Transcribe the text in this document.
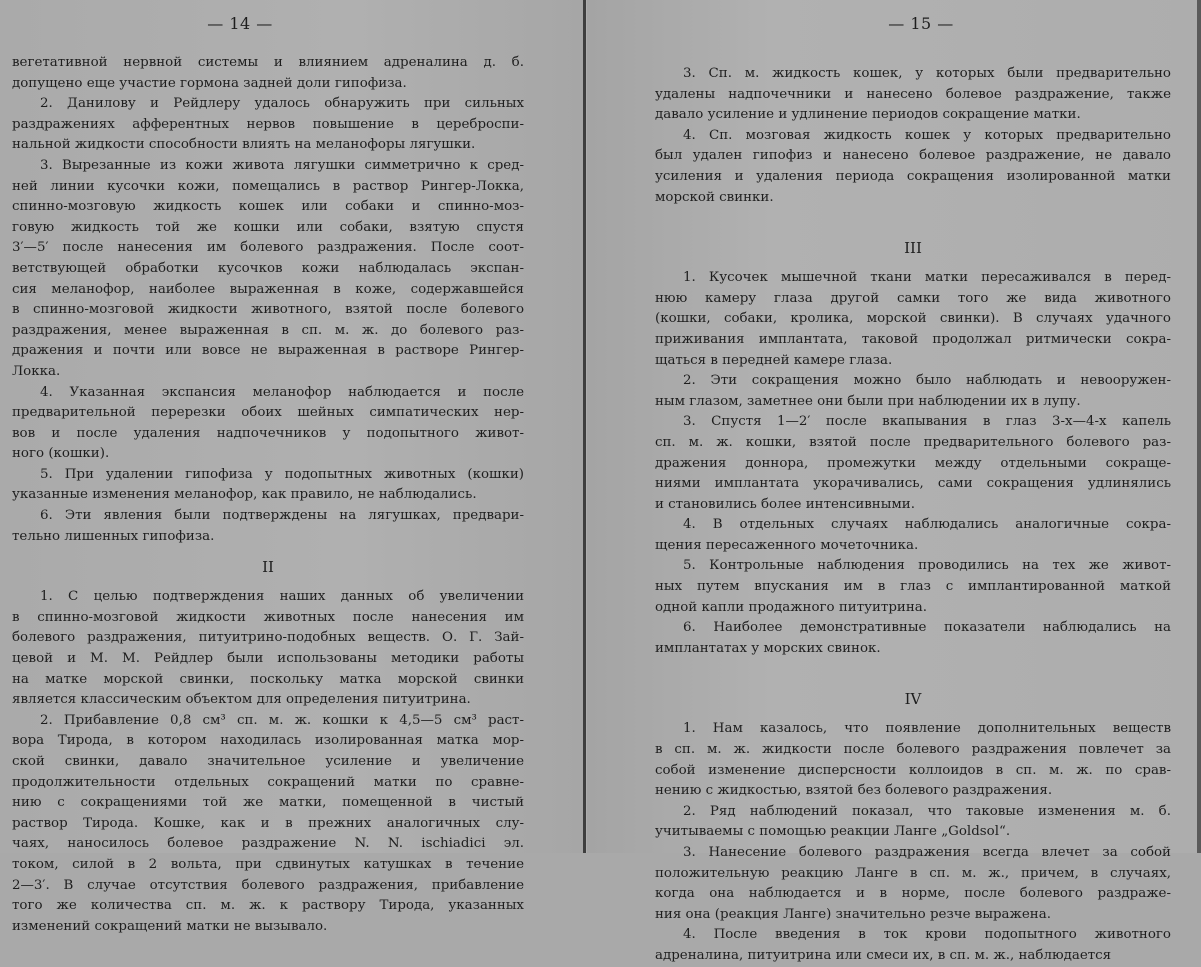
— 14 —
вегетативной нервной системы и влиянием адреналина д. б.
допущено еще участие гормона задней доли гипофиза.
2. Данилову и Рейдлеру удалось обнаружить при сильных
раздражениях афферентных нервов повышение в цереброспи-
нальной жидкости способности влиять на меланофоры лягушки.
3. Вырезанные из кожи живота лягушки симметрично к сред-
ней линии кусочки кожи, помещались в раствор Рингер-Локка,
спинно-мозговую жидкость кошек или собаки и спинно-моз-
говую жидкость той же кошки или собаки, взятую спустя
3′—5′ после нанесения им болевого раздражения. После соот-
ветствующей обработки кусочков кожи наблюдалась экспан-
сия меланофор, наиболее выраженная в коже, содержавшейся
в спинно-мозговой жидкости животного, взятой после болевого
раздражения, менее выраженная в сп. м. ж. до болевого раз-
дражения и почти или вовсе не выраженная в растворе Рингер-
Локка.
4. Указанная экспансия меланофор наблюдается и после
предварительной перерезки обоих шейных симпатических нер-
вов и после удаления надпочечников у подопытного живот-
ного (кошки).
5. При удалении гипофиза у подопытных животных (кошки)
указанные изменения меланофор, как правило, не наблюдались.
6. Эти явления были подтверждены на лягушках, предвари-
тельно лишенных гипофиза.
II
1. С целью подтверждения наших данных об увеличении
в спинно-мозговой жидкости животных после нанесения им
болевого раздражения, питуитрино-подобных веществ. О. Г. Зай-
цевой и М. М. Рейдлер были использованы методики работы
на матке морской свинки, поскольку матка морской свинки
является классическим объектом для определения питуитрина.
2. Прибавление 0,8 см³ сп. м. ж. кошки к 4,5—5 см³ раст-
вора Тирода, в котором находилась изолированная матка мор-
ской свинки, давало значительное усиление и увеличение
продолжительности отдельных сокращений матки по сравне-
нию с сокращениями той же матки, помещенной в чистый
раствор Тирода. Кошке, как и в прежних аналогичных слу-
чаях, наносилось болевое раздражение N. N. ischiadici эл.
током, силой в 2 вольта, при сдвинутых катушках в течение
2—3′. В случае отсутствия болевого раздражения, прибавление
того же количества сп. м. ж. к раствору Тирода, указанных
изменений сокращений матки не вызывало.
— 15 —
3. Сп. м. жидкость кошек, у которых были предварительно
удалены надпочечники и нанесено болевое раздражение, также
давало усиление и удлинение периодов сокращение матки.
4. Сп. мозговая жидкость кошек у которых предварительно
был удален гипофиз и нанесено болевое раздражение, не давало
усиления и удаления периода сокращения изолированной матки
морской свинки.
III
1. Кусочек мышечной ткани матки пересаживался в перед-
нюю камеру глаза другой самки того же вида животного
(кошки, собаки, кролика, морской свинки). В случаях удачного
приживания имплантата, таковой продолжал ритмически сокра-
щаться в передней камере глаза.
2. Эти сокращения можно было наблюдать и невооружен-
ным глазом, заметнее они были при наблюдении их в лупу.
3. Спустя 1—2′ после вкапывания в глаз 3-х—4-х капель
сп. м. ж. кошки, взятой после предварительного болевого раз-
дражения доннора, промежутки между отдельными сокраще-
ниями имплантата укорачивались, сами сокращения удлинялись
и становились более интенсивными.
4. В отдельных случаях наблюдались аналогичные сокра-
щения пересаженного мочеточника.
5. Контрольные наблюдения проводились на тех же живот-
ных путем впускания им в глаз с имплантированной маткой
одной капли продажного питуитрина.
6. Наиболее демонстративные показатели наблюдались на
имплантатах у морских свинок.
IV
1. Нам казалось, что появление дополнительных веществ
в сп. м. ж. жидкости после болевого раздражения повлечет за
собой изменение дисперсности коллоидов в сп. м. ж. по срав-
нению с жидкостью, взятой без болевого раздражения.
2. Ряд наблюдений показал, что таковые изменения м. б.
учитываемы с помощью реакции Ланге „Goldsol“.
3. Нанесение болевого раздражения всегда влечет за собой
положительную реакцию Ланге в сп. м. ж., причем, в случаях,
когда она наблюдается и в норме, после болевого раздраже-
ния она (реакция Ланге) значительно резче выражена.
4. После введения в ток крови подопытного животного
адреналина, питуитрина или смеси их, в сп. м. ж., наблюдается
